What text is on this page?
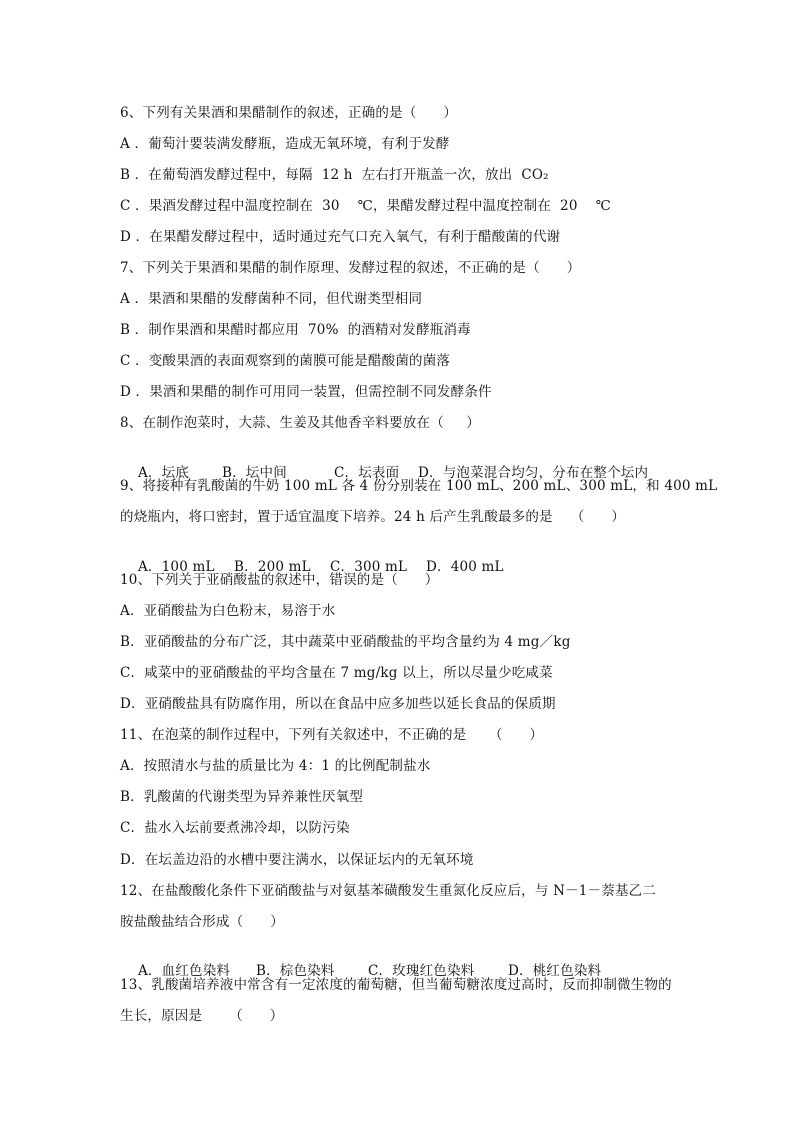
6、下列有关果酒和果醋制作的叙述，正确的是（      ）
A ．葡萄汁要装满发酵瓶，造成无氧环境，有利于发酵
B ．在葡萄酒发酵过程中，每隔  12 h  左右打开瓶盖一次，放出  CO₂
C ．果酒发酵过程中温度控制在  30    ℃，果醋发酵过程中温度控制在  20    ℃
D ．在果醋发酵过程中，适时通过充气口充入氧气，有利于醋酸菌的代谢
7、下列关于果酒和果醋的制作原理、发酵过程的叙述，不正确的是（      ）
A ．果酒和果醋的发酵菌种不同，但代谢类型相同
B ．制作果酒和果醋时都应用  70%  的酒精对发酵瓶消毒
C ．变酸果酒的表面观察到的菌膜可能是醋酸菌的菌落
D ．果酒和果醋的制作可用同一装置，但需控制不同发酵条件
8、在制作泡菜时，大蒜、生姜及其他香辛料要放在（     ）

A．坛底 B．坛中间	C．坛表面 D．与泡菜混合均匀，分布在整个坛内

9、将接种有乳酸菌的牛奶 100 mL 各 4 份分别装在 100 mL、200 mL、300 mL，和 400 mL
的烧瓶内，将口密封，置于适宜温度下培养。24 h 后产生乳酸最多的是    （      ）

A．100 mL B．200 mL C．300 mL D．400 mL

10、下列关于亚硝酸盐的叙述中，错误的是（      ）
A．亚硝酸盐为白色粉末，易溶于水
B．亚硝酸盐的分布广泛，其中蔬菜中亚硝酸盐的平均含量约为 4 mg／kg
C．咸菜中的亚硝酸盐的平均含量在 7 mg/kg 以上，所以尽量少吃咸菜
D．亚硝酸盐具有防腐作用，所以在食品中应多加些以延长食品的保质期
11、在泡菜的制作过程中，下列有关叙述中，不正确的是     （      ）
A．按照清水与盐的质量比为 4：1 的比例配制盐水
B．乳酸菌的代谢类型为异养兼性厌氧型
C．盐水入坛前要煮沸冷却，以防污染
D．在坛盖边沿的水槽中要注满水，以保证坛内的无氧环境
12、在盐酸酸化条件下亚硝酸盐与对氨基苯磺酸发生重氮化反应后，与 N－1－萘基乙二
胺盐酸盐结合形成（      ）

A．血红色染料 B．棕色染料 C．玫瑰红色染料 D．桃红色染料

13、乳酸菌培养液中常含有一定浓度的葡萄糖，但当葡萄糖浓度过高时，反而抑制微生物的
生长，原因是      （      ）
